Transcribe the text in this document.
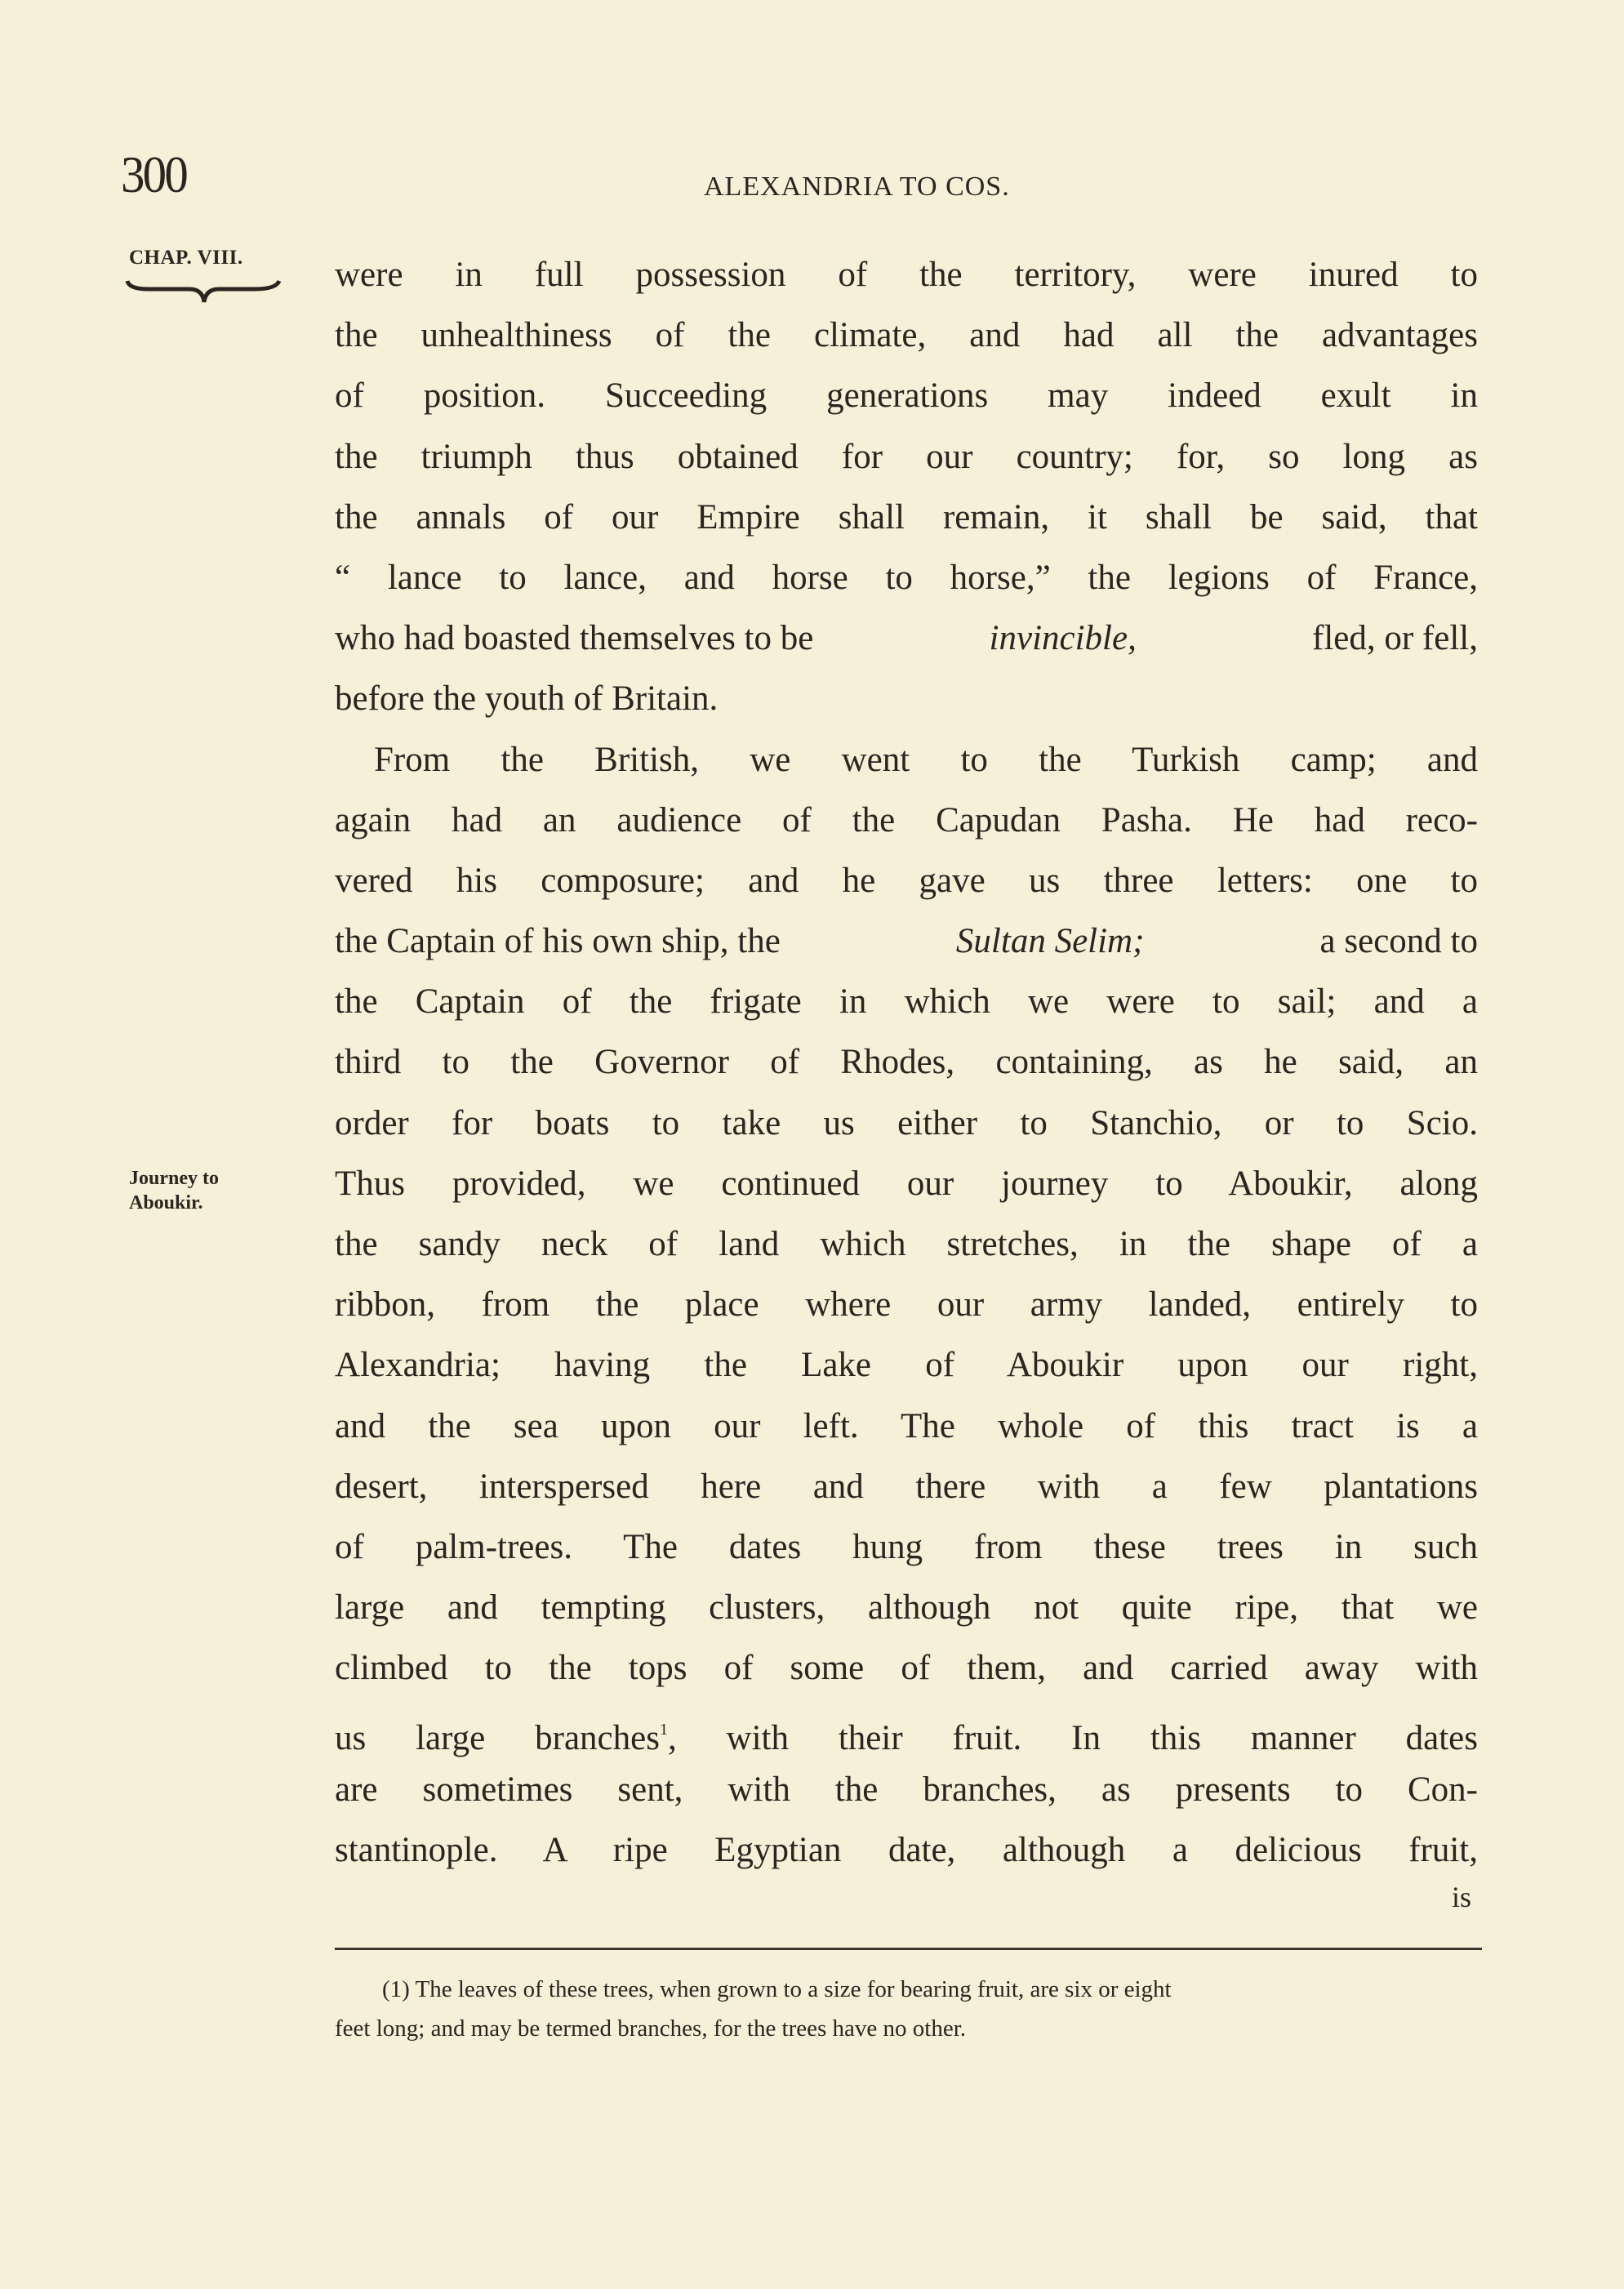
300	ALEXANDRIA TO COS.
CHAP. VIII.
Journey to
Aboukir.
were in full possession of the territory, were inured to
the unhealthiness of the climate, and had all the advantages
of position. Succeeding generations may indeed exult in
the triumph thus obtained for our country; for, so long as
the annals of our Empire shall remain, it shall be said, that
“ lance to lance, and horse to horse,” the legions of France,
who had boasted themselves to be	invincible,	fled, or fell,
before the youth of Britain.
From the British, we went to the Turkish camp; and
again had an audience of the Capudan Pasha. He had reco-
vered his composure; and he gave us three letters: one to
the Captain of his own ship, the	Sultan Selim;	a second to
the Captain of the frigate in which we were to sail; and a
third to the Governor of Rhodes, containing, as he said, an
order for boats to take us either to Stanchio, or to Scio.
Thus provided, we continued our journey to Aboukir, along
the sandy neck of land which stretches, in the shape of a
ribbon, from the place where our army landed, entirely to
Alexandria; having the Lake of Aboukir upon our right,
and the sea upon our left. The whole of this tract is a
desert, interspersed here and there with a few plantations
of palm-trees. The dates hung from these trees in such
large and tempting clusters, although not quite ripe, that we
climbed to the tops of some of them, and carried away with
us large branches$^1$, with their fruit. In this manner dates
are sometimes sent, with the branches, as presents to Con-
stantinople. A ripe Egyptian date, although a delicious fruit,
is
(1) The leaves of these trees, when grown to a size for bearing fruit, are six or eight
feet long; and may be termed branches, for the trees have no other.
